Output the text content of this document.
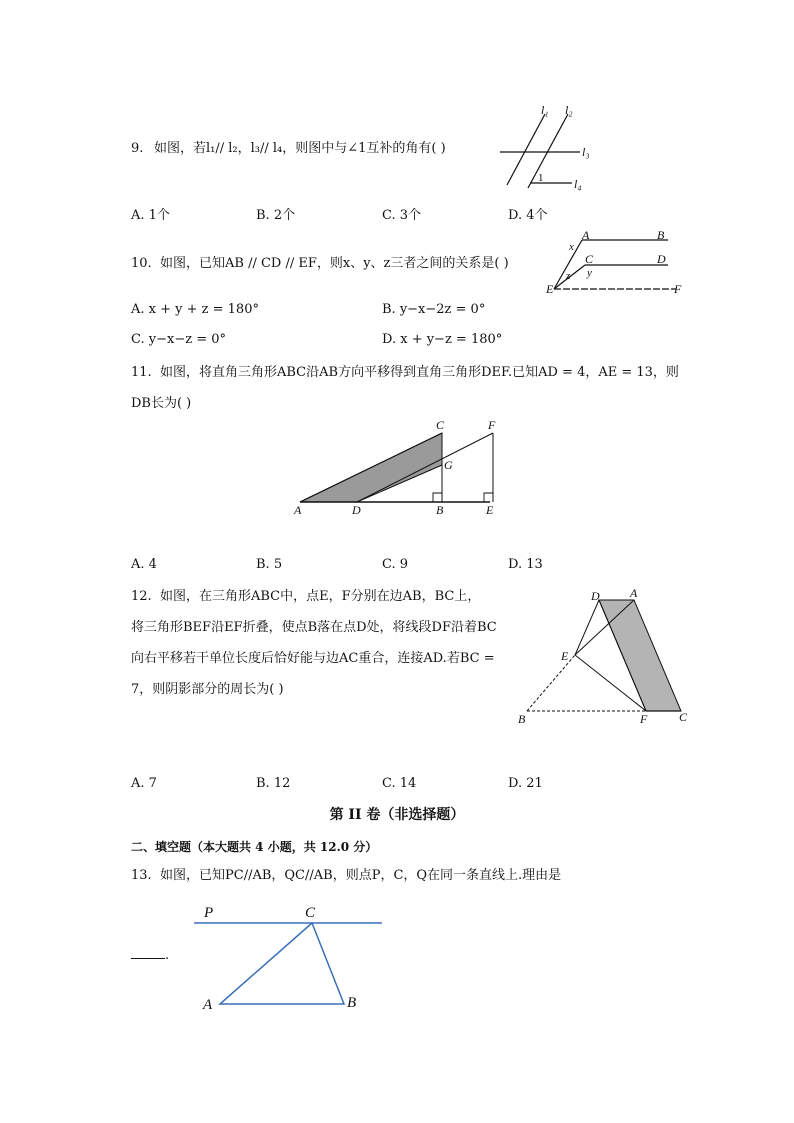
9. 如图，若l₁// l₂，l₃// l₄，则图中与∠1互补的角有( )
l₁ l₂
l₃
l₄
1
A. 1个	B. 2个	C. 3个	D. 4个
10. 如图，已知AB // CD // EF，则x、y、z三者之间的关系是( )
A	B
C	D
E	F
x
y
z
A. x + y + z = 180°	B. y−x−2z = 0°
C. y−x−z = 0°	D. x + y−z = 180°
11. 如图，将直角三角形ABC沿AB方向平移得到直角三角形DEF.已知AD = 4，AE = 13，则
DB长为( )
A	D	B	E
C	F
G
A. 4	B. 5	C. 9	D. 13
12. 如图，在三角形ABC中，点E，F分别在边AB，BC上，
将三角形BEF沿EF折叠，使点B落在点D处，将线段DF沿着BC
向右平移若干单位长度后恰好能与边AC重合，连接AD.若BC =
7，则阴影部分的周长为( )
D	A
E
B	F	C
A. 7	B. 12	C. 14	D. 21
第 II 卷（非选择题）
二、填空题（本大题共 4 小题，共 12.0 分）
13. 如图，已知PC//AB，QC//AB，则点P，C，Q在同一条直线上.理由是
.
P	C
A	B
